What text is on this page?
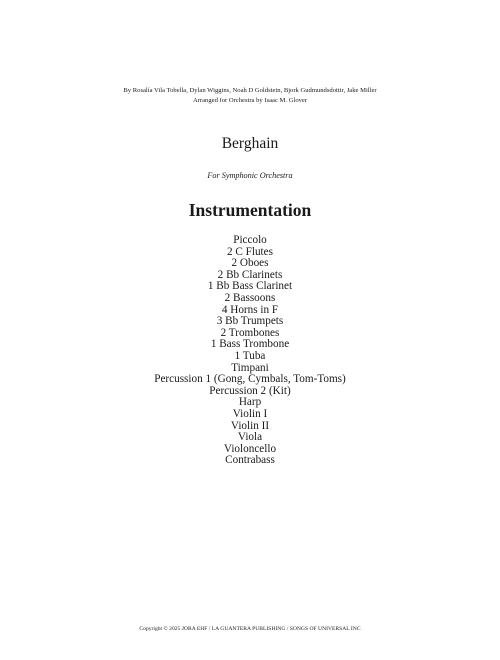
By Rosalía Vila Tobella, Dylan Wiggins, Noah D Goldstein, Bjork Gudmundsdottir, Jake Miller
Arranged for Orchestra by Isaac M. Glover
Berghain
For Symphonic Orchestra
Instrumentation
Piccolo
2 C Flutes
2 Oboes
2 Bb Clarinets
1 Bb Bass Clarinet
2 Bassoons
4 Horns in F
3 Bb Trumpets
2 Trombones
1 Bass Trombone
1 Tuba
Timpani
Percussion 1 (Gong, Cymbals, Tom-Toms)
Percussion 2 (Kit)
Harp
Violin I
Violin II
Viola
Violoncello
Contrabass
Copyright © 2025 JORA EHF / LA GUANTERA PUBLISHING / SONGS OF UNIVERSAL INC
